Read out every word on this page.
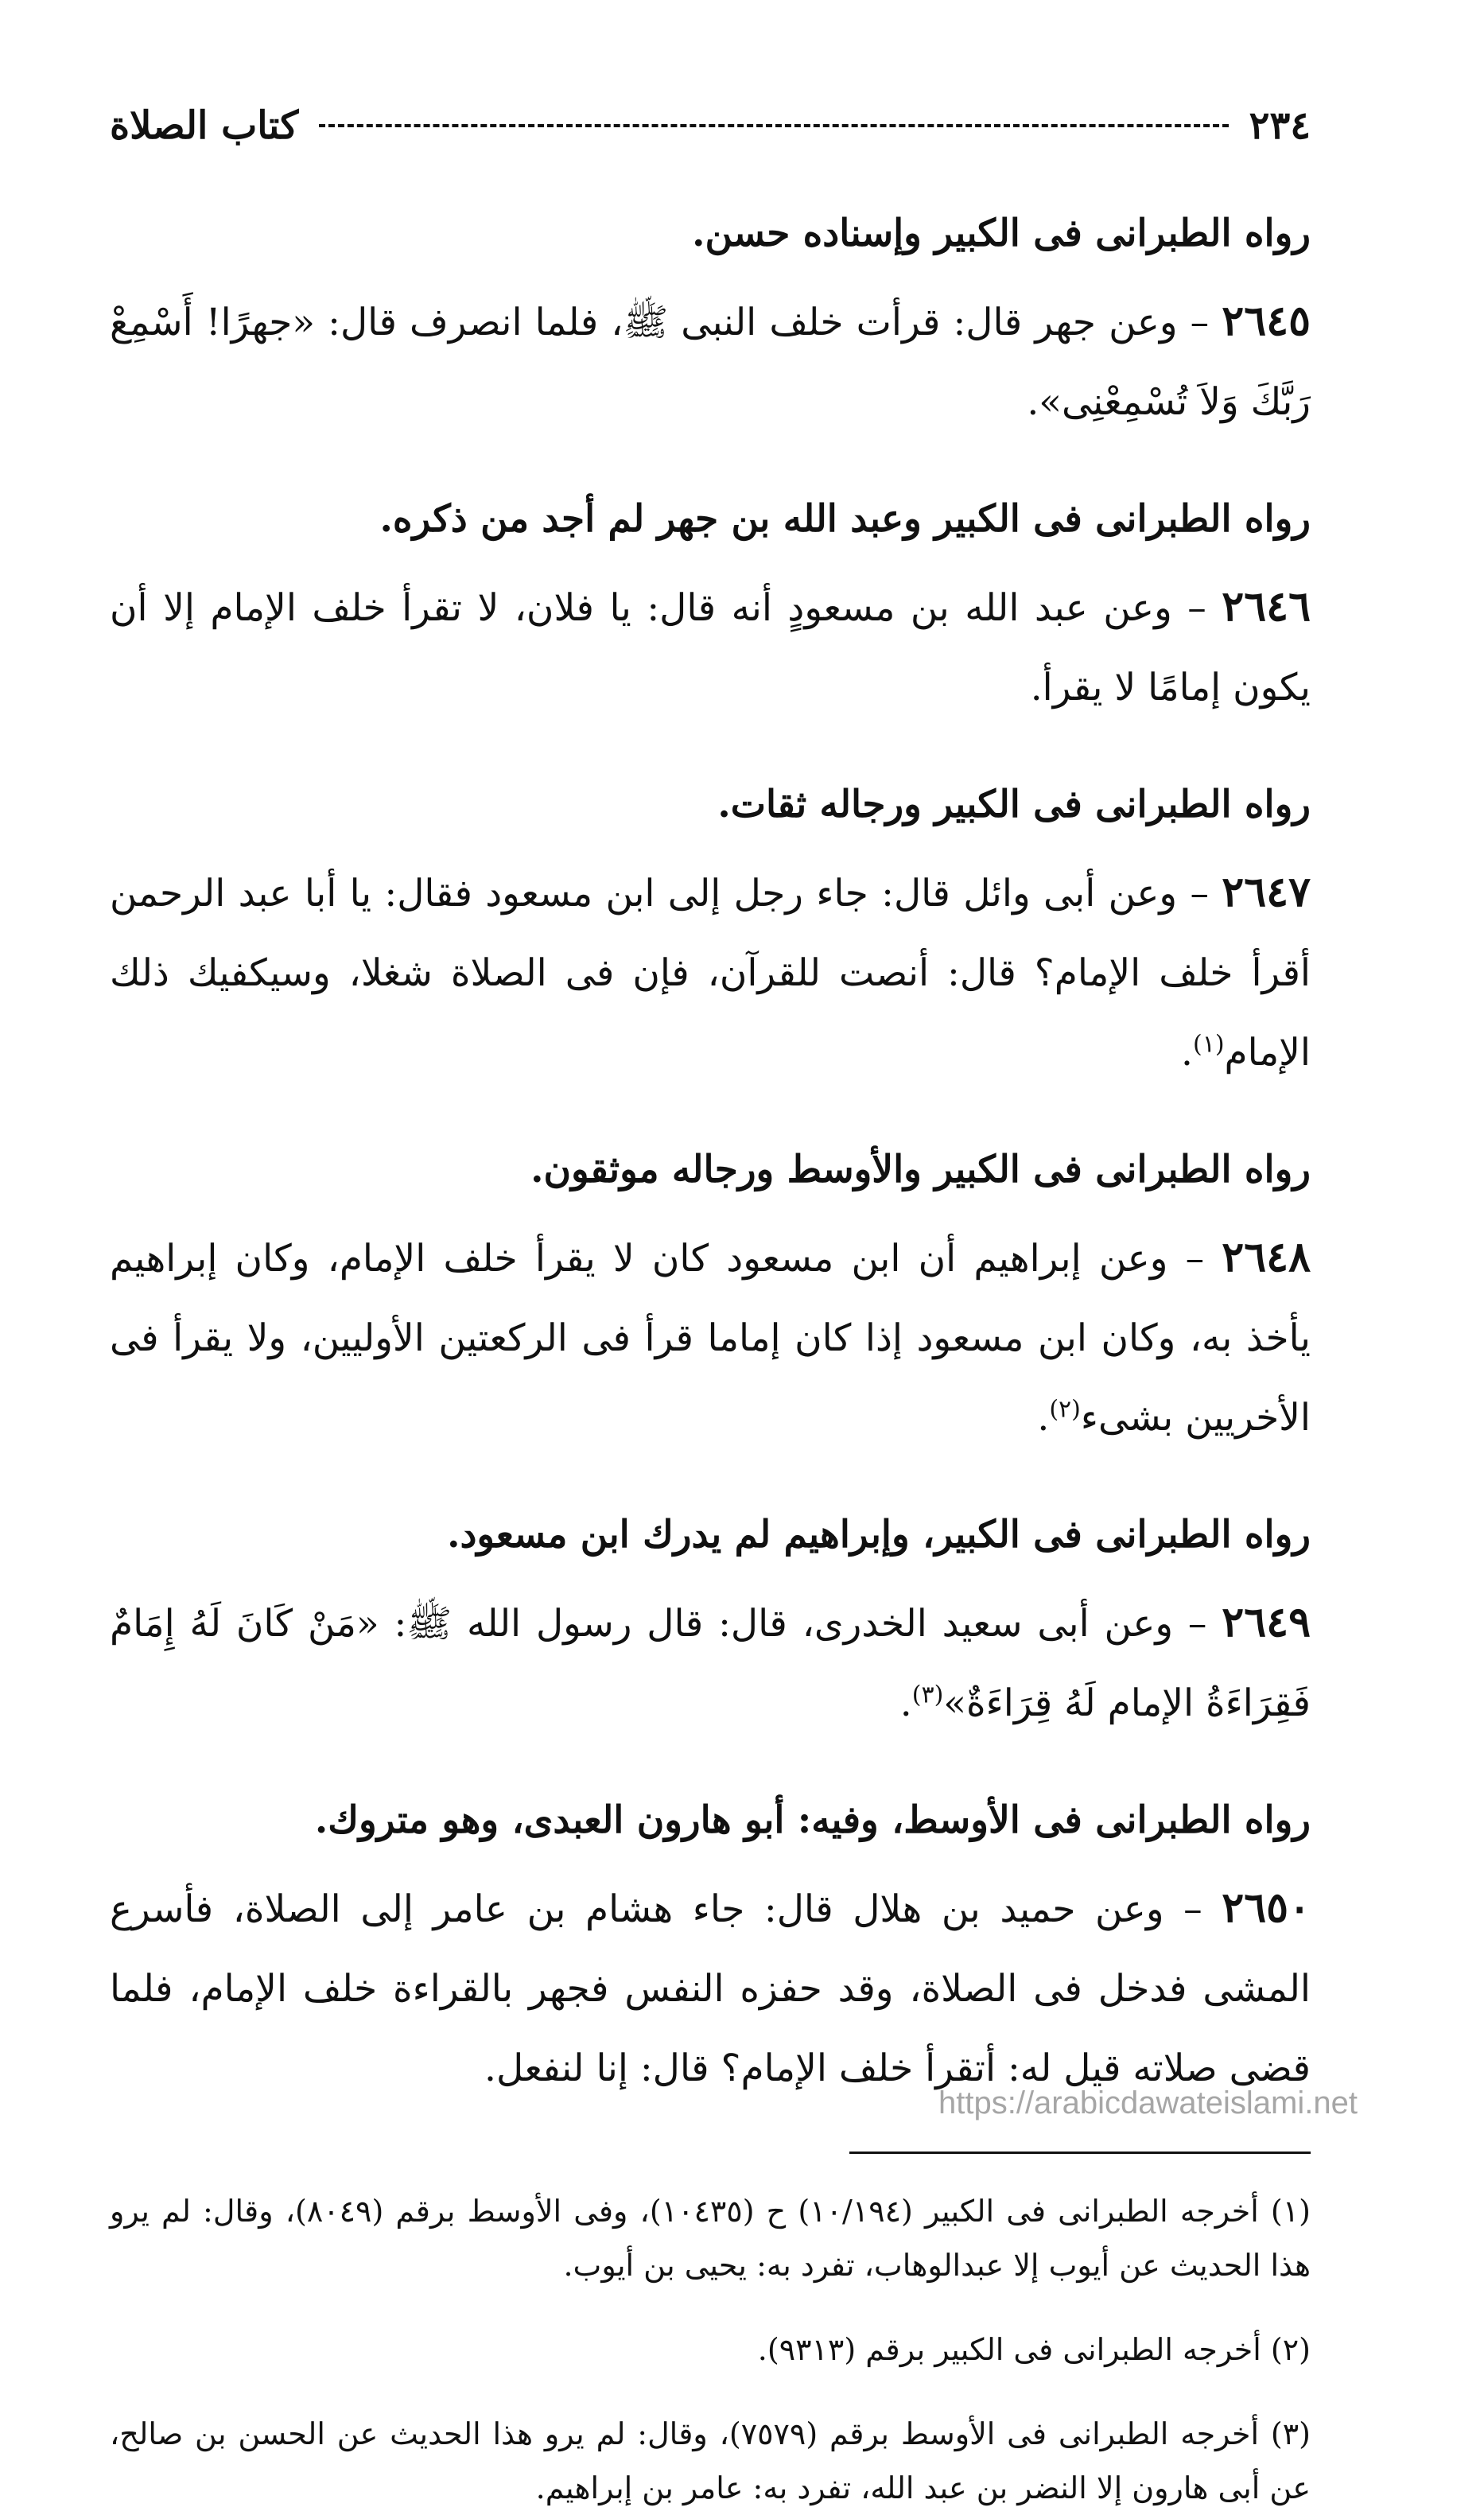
٢٣٤
كتاب الصلاة

رواه الطبرانى فى الكبير وإسناده حسن.

٢٦٤٥ – وعن جهر قال: قرأت خلف النبى ﷺ، فلما انصرف قال: «جهرًا! أَسْمِعْ رَبَّكَ وَلاَ تُسْمِعْنِى».

رواه الطبرانى فى الكبير وعبد الله بن جهر لم أجد من ذكره.

٢٦٤٦ – وعن عبد الله بن مسعودٍ أنه قال: يا فلان، لا تقرأ خلف الإمام إلا أن يكون إمامًا لا يقرأ.

رواه الطبرانى فى الكبير ورجاله ثقات.

٢٦٤٧ – وعن أبى وائل قال: جاء رجل إلى ابن مسعود فقال: يا أبا عبد الرحمن أقرأ خلف الإمام؟ قال: أنصت للقرآن، فإن فى الصلاة شغلا، وسيكفيك ذلك الإمام$^{(١)}$.

رواه الطبرانى فى الكبير والأوسط ورجاله موثقون.

٢٦٤٨ – وعن إبراهيم أن ابن مسعود كان لا يقرأ خلف الإمام، وكان إبراهيم يأخذ به، وكان ابن مسعود إذا كان إماما قرأ فى الركعتين الأوليين، ولا يقرأ فى الأخريين بشىء$^{(٢)}$.

رواه الطبرانى فى الكبير، وإبراهيم لم يدرك ابن مسعود.

٢٦٤٩ – وعن أبى سعيد الخدرى، قال: قال رسول الله ﷺ: «مَنْ كَانَ لَهُ إِمَامٌ فَقِرَاءَةُ الإمام لَهُ قِرَاءَةٌ»$^{(٣)}$.

رواه الطبرانى فى الأوسط، وفيه: أبو هارون العبدى، وهو متروك.

٢٦٥٠ – وعن حميد بن هلال قال: جاء هشام بن عامر إلى الصلاة، فأسرع المشى فدخل فى الصلاة، وقد حفزه النفس فجهر بالقراءة خلف الإمام، فلما قضى صلاته قيل له: أتقرأ خلف الإمام؟ قال: إنا لنفعل.

(١) أخرجه الطبرانى فى الكبير (١٠/١٩٤) ح (١٠٤٣٥)، وفى الأوسط برقم (٨٠٤٩)، وقال: لم يرو هذا الحديث عن أيوب إلا عبدالوهاب، تفرد به: يحيى بن أيوب.

(٢) أخرجه الطبرانى فى الكبير برقم (٩٣١٣).

(٣) أخرجه الطبرانى فى الأوسط برقم (٧٥٧٩)، وقال: لم يرو هذا الحديث عن الحسن بن صالح، عن أبى هارون إلا النضر بن عبد الله، تفرد به: عامر بن إبراهيم.

https://arabicdawateislami.net
